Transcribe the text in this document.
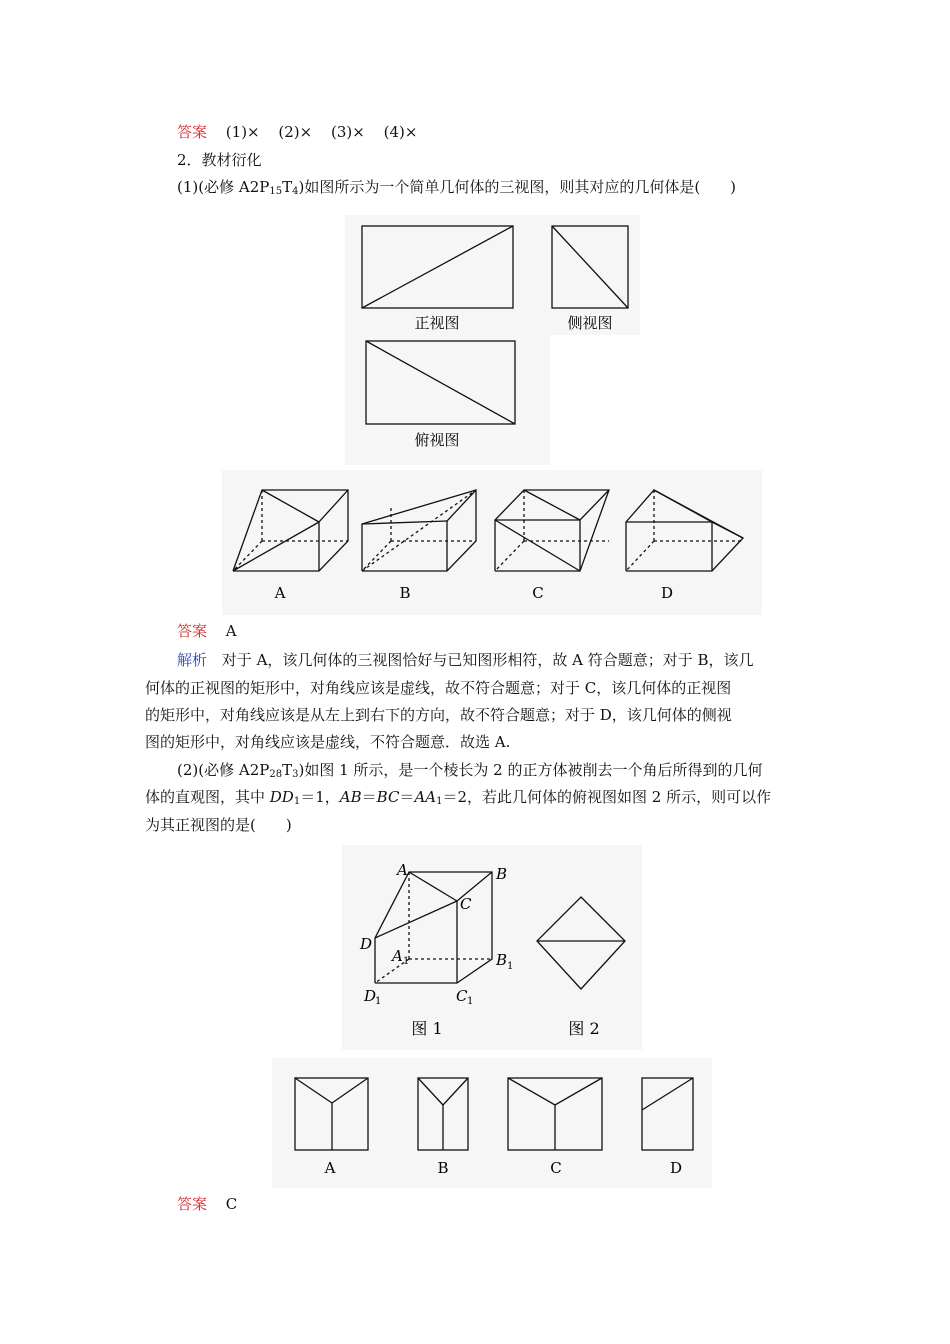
答案 (1)× (2)× (3)× (4)×
2．教材衍化
(1)(必修 $A2P_{15}T_4$)如图所示为一个简单几何体的三视图，则其对应的几何体是(　　)
正视图
俯视图
侧视图
A	B	C	D
答案 A
解析 对于 A，该几何体的三视图恰好与已知图形相符，故 A 符合题意；对于 B，该几
何体的正视图的矩形中，对角线应该是虚线，故不符合题意；对于 C，该几何体的正视图
的矩形中，对角线应该是从左上到右下的方向，故不符合题意；对于 D，该几何体的侧视
图的矩形中，对角线应该是虚线，不符合题意．故选 A.
(2)(必修 $A2P_{28}T_3$)如图 1 所示，是一个棱长为 2 的正方体被削去一个角后所得到的几何
体的直观图，其中 $DD_1=1$，$AB=BC=AA_1=2$，若此几何体的俯视图如图 2 所示，则可以作
为其正视图的是(　　)
A	B
C
D
A	B
C
D
1	1
1
1
图 1	图 2
A	B	C	D
答案 C
